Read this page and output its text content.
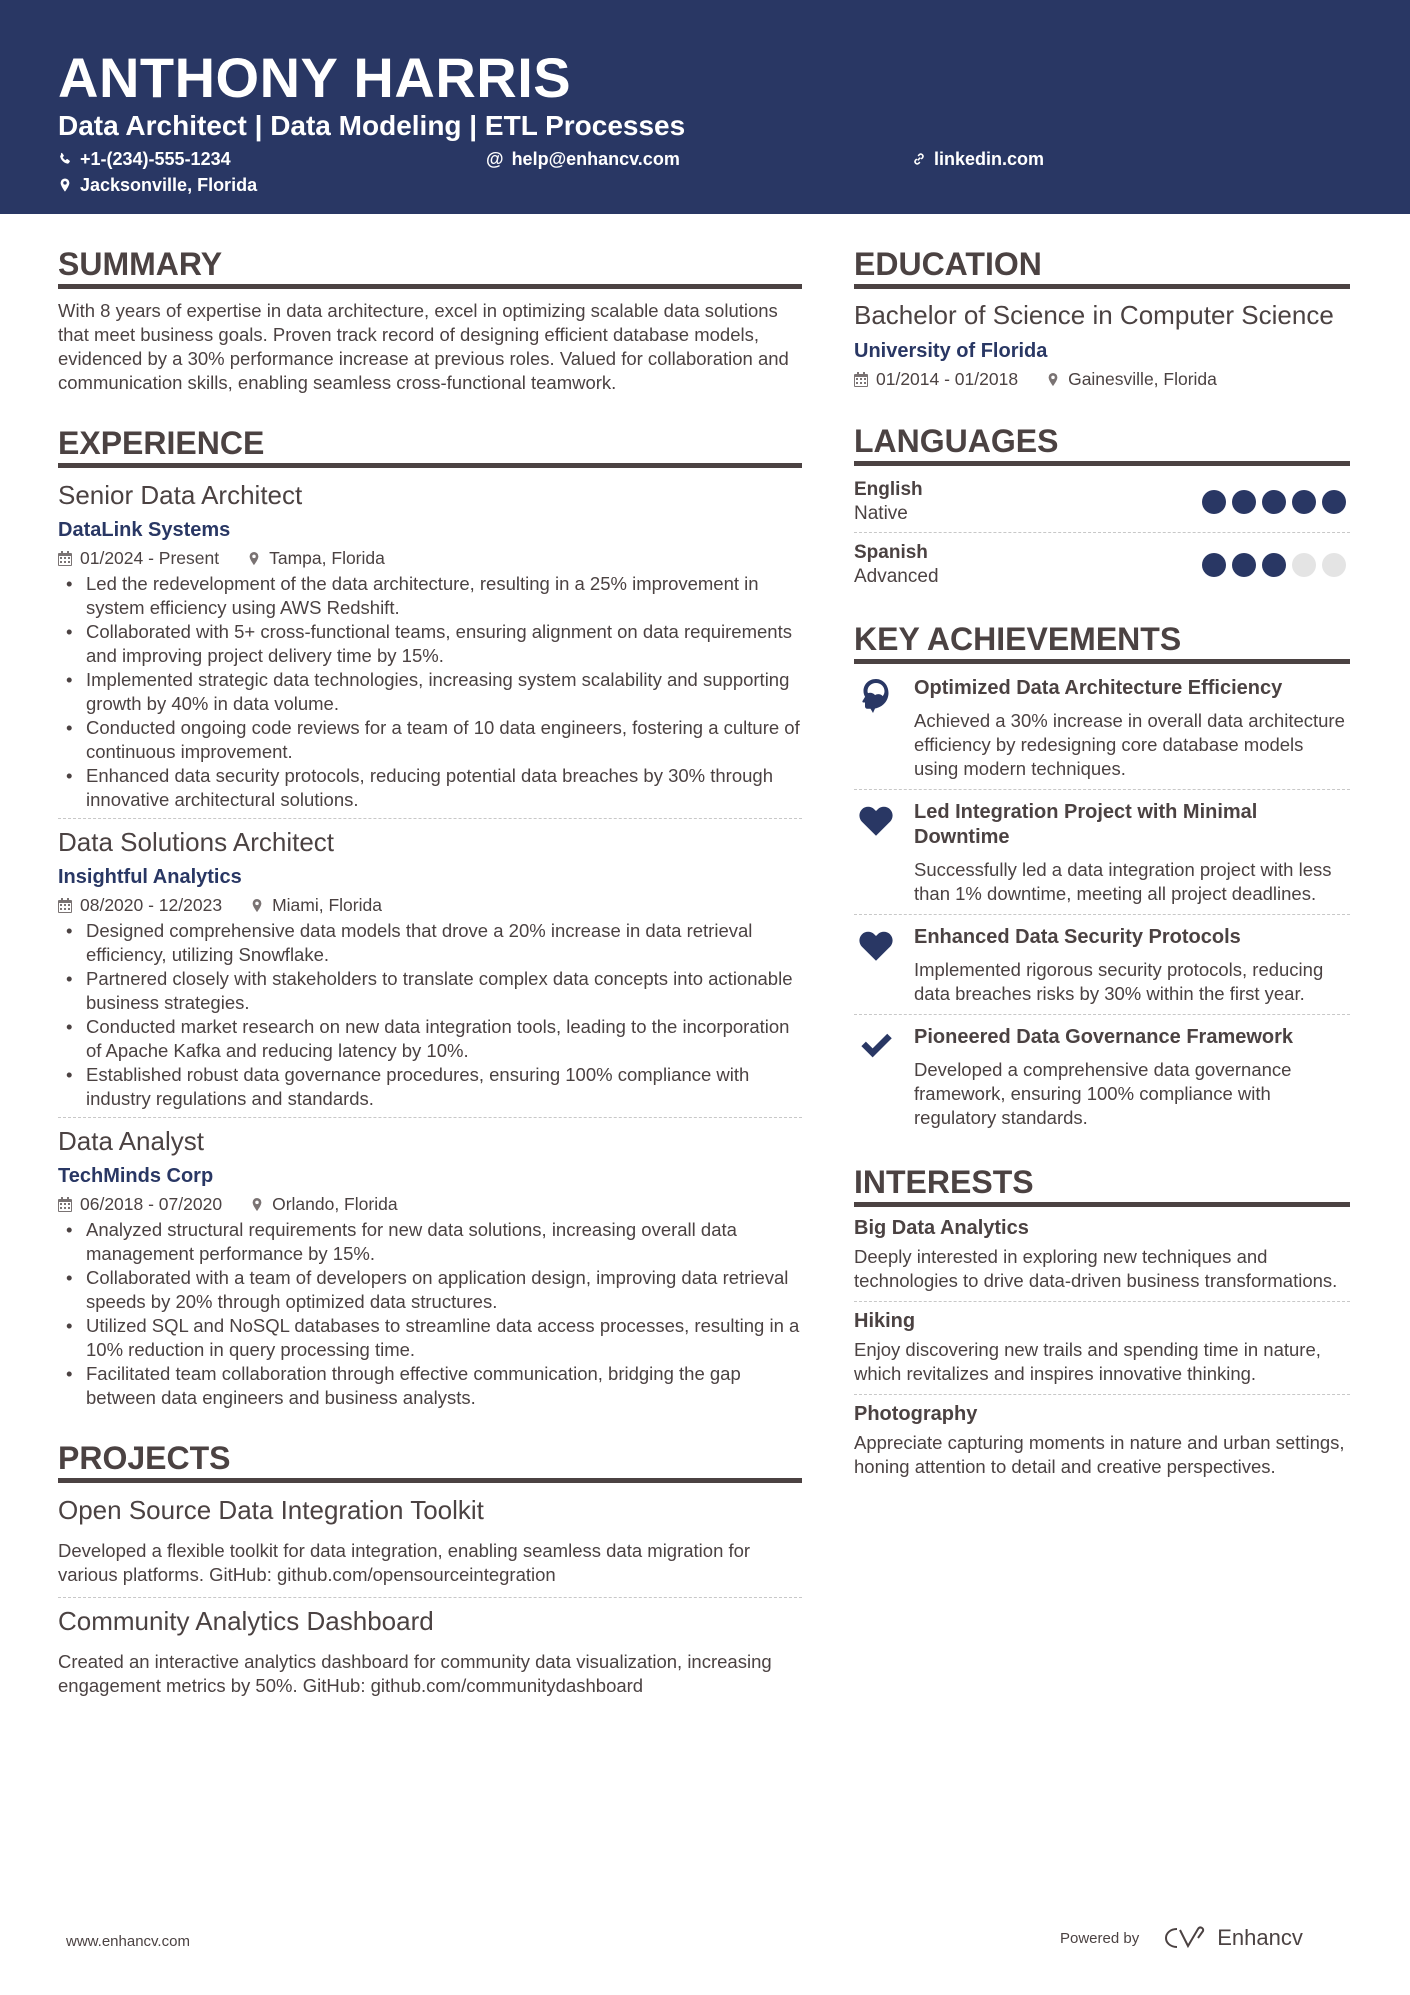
ANTHONY HARRIS
Data Architect | Data Modeling | ETL Processes
+1-(234)-555-1234	@ help@enhancv.com	linkedin.com
Jacksonville, Florida
SUMMARY
With 8 years of expertise in data architecture, excel in optimizing scalable data solutions that meet business goals. Proven track record of designing efficient database models, evidenced by a 30% performance increase at previous roles. Valued for collaboration and communication skills, enabling seamless cross-functional teamwork.
EXPERIENCE
Senior Data Architect
DataLink Systems
01/2024 - Present	Tampa, Florida
• Led the redevelopment of the data architecture, resulting in a 25% improvement in system efficiency using AWS Redshift.
• Collaborated with 5+ cross-functional teams, ensuring alignment on data requirements and improving project delivery time by 15%.
• Implemented strategic data technologies, increasing system scalability and supporting growth by 40% in data volume.
• Conducted ongoing code reviews for a team of 10 data engineers, fostering a culture of continuous improvement.
• Enhanced data security protocols, reducing potential data breaches by 30% through innovative architectural solutions.
Data Solutions Architect
Insightful Analytics
08/2020 - 12/2023	Miami, Florida
• Designed comprehensive data models that drove a 20% increase in data retrieval efficiency, utilizing Snowflake.
• Partnered closely with stakeholders to translate complex data concepts into actionable business strategies.
• Conducted market research on new data integration tools, leading to the incorporation of Apache Kafka and reducing latency by 10%.
• Established robust data governance procedures, ensuring 100% compliance with industry regulations and standards.
Data Analyst
TechMinds Corp
06/2018 - 07/2020	Orlando, Florida
• Analyzed structural requirements for new data solutions, increasing overall data management performance by 15%.
• Collaborated with a team of developers on application design, improving data retrieval speeds by 20% through optimized data structures.
• Utilized SQL and NoSQL databases to streamline data access processes, resulting in a 10% reduction in query processing time.
• Facilitated team collaboration through effective communication, bridging the gap between data engineers and business analysts.
PROJECTS
Open Source Data Integration Toolkit
Developed a flexible toolkit for data integration, enabling seamless data migration for various platforms. GitHub: github.com/opensourceintegration
Community Analytics Dashboard
Created an interactive analytics dashboard for community data visualization, increasing engagement metrics by 50%. GitHub: github.com/communitydashboard
EDUCATION
Bachelor of Science in Computer Science
University of Florida
01/2014 - 01/2018	Gainesville, Florida
LANGUAGES
English
Native
Spanish
Advanced
KEY ACHIEVEMENTS
Optimized Data Architecture Efficiency
Achieved a 30% increase in overall data architecture efficiency by redesigning core database models using modern techniques.
Led Integration Project with Minimal Downtime
Successfully led a data integration project with less than 1% downtime, meeting all project deadlines.
Enhanced Data Security Protocols
Implemented rigorous security protocols, reducing data breaches risks by 30% within the first year.
Pioneered Data Governance Framework
Developed a comprehensive data governance framework, ensuring 100% compliance with regulatory standards.
INTERESTS
Big Data Analytics
Deeply interested in exploring new techniques and technologies to drive data-driven business transformations.
Hiking
Enjoy discovering new trails and spending time in nature, which revitalizes and inspires innovative thinking.
Photography
Appreciate capturing moments in nature and urban settings, honing attention to detail and creative perspectives.
www.enhancv.com	Powered by	Enhancv
